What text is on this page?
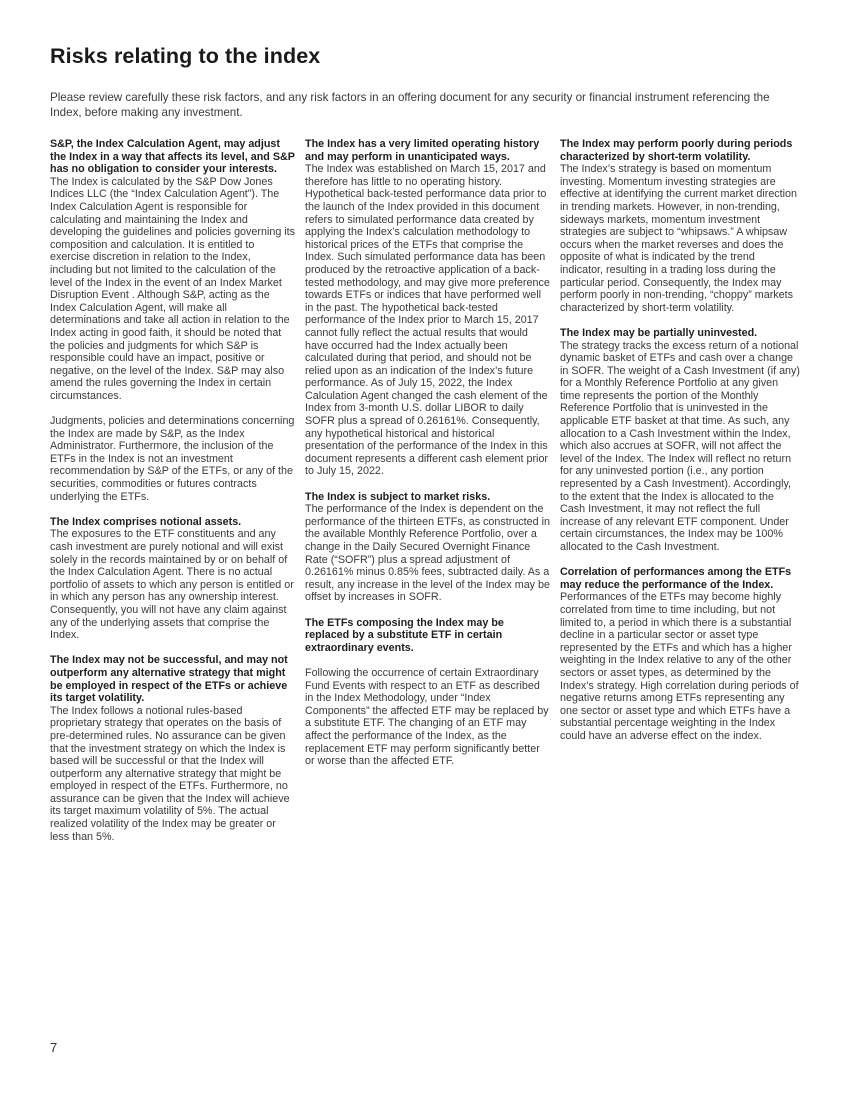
Risks relating to the index

Please review carefully these risk factors, and any risk factors in an offering document for any security or financial instrument referencing the Index, before making any investment.

S&P, the Index Calculation Agent, may adjust the Index in a way that affects its level, and S&P has no obligation to consider your interests.

The Index is calculated by the S&P Dow Jones Indices LLC (the “Index Calculation Agent”). The Index Calculation Agent is responsible for calculating and maintaining the Index and developing the guidelines and policies governing its composition and calculation. It is entitled to exercise discretion in relation to the Index, including but not limited to the calculation of the level of the Index in the event of an Index Market Disruption Event . Although S&P, acting as the Index Calculation Agent, will make all determinations and take all action in relation to the Index acting in good faith, it should be noted that the policies and judgments for which S&P is responsible could have an impact, positive or negative, on the level of the Index. S&P may also amend the rules governing the Index in certain circumstances.

Judgments, policies and determinations concerning the Index are made by S&P, as the Index Administrator. Furthermore, the inclusion of the ETFs in the Index is not an investment recommendation by S&P of the ETFs, or any of the securities, commodities or futures contracts underlying the ETFs.

The Index comprises notional assets.

The exposures to the ETF constituents and any cash investment are purely notional and will exist solely in the records maintained by or on behalf of the Index Calculation Agent. There is no actual portfolio of assets to which any person is entitled or in which any person has any ownership interest. Consequently, you will not have any claim against any of the underlying assets that comprise the Index.

The Index may not be successful, and may not outperform any alternative strategy that might be employed in respect of the ETFs or achieve its target volatility.

The Index follows a notional rules-based proprietary strategy that operates on the basis of pre-determined rules. No assurance can be given that the investment strategy on which the Index is based will be successful or that the Index will outperform any alternative strategy that might be employed in respect of the ETFs. Furthermore, no assurance can be given that the Index will achieve its target maximum volatility of 5%. The actual realized volatility of the Index may be greater or less than 5%.

The Index has a very limited operating history and may perform in unanticipated ways.

The Index was established on March 15, 2017 and therefore has little to no operating history. Hypothetical back-tested performance data prior to the launch of the Index provided in this document refers to simulated performance data created by applying the Index’s calculation methodology to historical prices of the ETFs that comprise the Index. Such simulated performance data has been produced by the retroactive application of a back-tested methodology, and may give more preference towards ETFs or indices that have performed well in the past. The hypothetical back-tested performance of the Index prior to March 15, 2017 cannot fully reflect the actual results that would have occurred had the Index actually been calculated during that period, and should not be relied upon as an indication of the Index’s future performance. As of July 15, 2022, the Index Calculation Agent changed the cash element of the Index from 3-month U.S. dollar LIBOR to daily SOFR plus a spread of 0.26161%. Consequently, any hypothetical historical and historical presentation of the performance of the Index in this document represents a different cash element prior to July 15, 2022.

The Index is subject to market risks.

The performance of the Index is dependent on the performance of the thirteen ETFs, as constructed in the available Monthly Reference Portfolio, over a change in the Daily Secured Overnight Finance Rate (“SOFR”) plus a spread adjustment of 0.26161% minus 0.85% fees, subtracted daily. As a result, any increase in the level of the Index may be offset by increases in SOFR.

The ETFs composing the Index may be replaced by a substitute ETF in certain extraordinary events.

Following the occurrence of certain Extraordinary Fund Events with respect to an ETF as described in the Index Methodology, under “Index Components” the affected ETF may be replaced by a substitute ETF. The changing of an ETF may affect the performance of the Index, as the replacement ETF may perform significantly better or worse than the affected ETF.

The Index may perform poorly during periods characterized by short-term volatility.

The Index’s strategy is based on momentum investing. Momentum investing strategies are effective at identifying the current market direction in trending markets. However, in non-trending, sideways markets, momentum investment strategies are subject to “whipsaws.” A whipsaw occurs when the market reverses and does the opposite of what is indicated by the trend indicator, resulting in a trading loss during the particular period. Consequently, the Index may perform poorly in non-trending, “choppy” markets characterized by short-term volatility.

The Index may be partially uninvested.

The strategy tracks the excess return of a notional dynamic basket of ETFs and cash over a change in SOFR. The weight of a Cash Investment (if any) for a Monthly Reference Portfolio at any given time represents the portion of the Monthly Reference Portfolio that is uninvested in the applicable ETF basket at that time. As such, any allocation to a Cash Investment within the Index, which also accrues at SOFR, will not affect the level of the Index. The Index will reflect no return for any uninvested portion (i.e., any portion represented by a Cash Investment). Accordingly, to the extent that the Index is allocated to the Cash Investment, it may not reflect the full increase of any relevant ETF component. Under certain circumstances, the Index may be 100% allocated to the Cash Investment.

Correlation of performances among the ETFs may reduce the performance of the Index.

Performances of the ETFs may become highly correlated from time to time including, but not limited to, a period in which there is a substantial decline in a particular sector or asset type represented by the ETFs and which has a higher weighting in the Index relative to any of the other sectors or asset types, as determined by the Index’s strategy. High correlation during periods of negative returns among ETFs representing any one sector or asset type and which ETFs have a substantial percentage weighting in the Index could have an adverse effect on the index.

7
